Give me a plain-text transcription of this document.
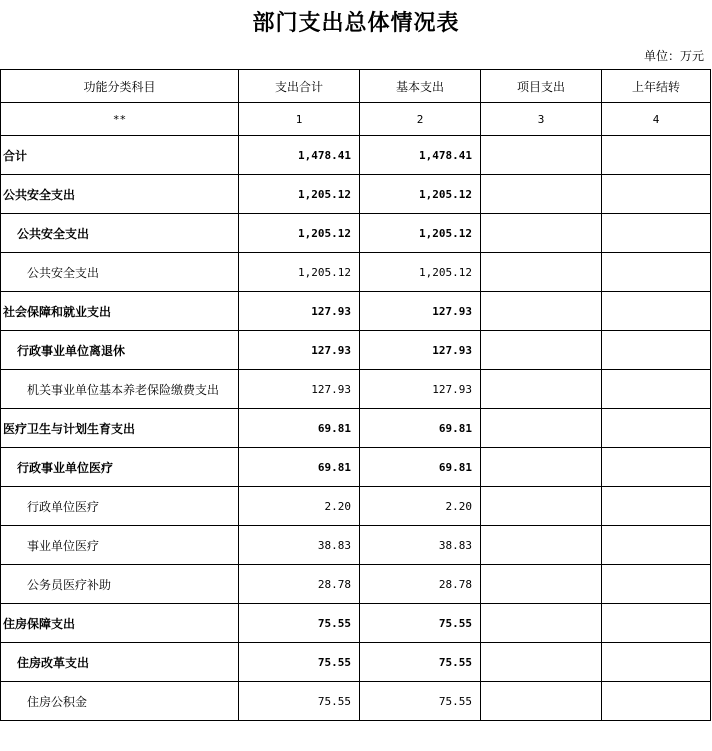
部门支出总体情况表
单位：万元
功能分类科目	支出合计	基本支出	项目支出	上年结转
**	1	2	3	4
合计	1,478.41	1,478.41		
公共安全支出	1,205.12	1,205.12		
公共安全支出	1,205.12	1,205.12		
公共安全支出	1,205.12	1,205.12		
社会保障和就业支出	127.93	127.93		
行政事业单位离退休	127.93	127.93		
机关事业单位基本养老保险缴费支出	127.93	127.93		
医疗卫生与计划生育支出	69.81	69.81		
行政事业单位医疗	69.81	69.81		
行政单位医疗	2.20	2.20		
事业单位医疗	38.83	38.83		
公务员医疗补助	28.78	28.78		
住房保障支出	75.55	75.55		
住房改革支出	75.55	75.55		
住房公积金	75.55	75.55		
